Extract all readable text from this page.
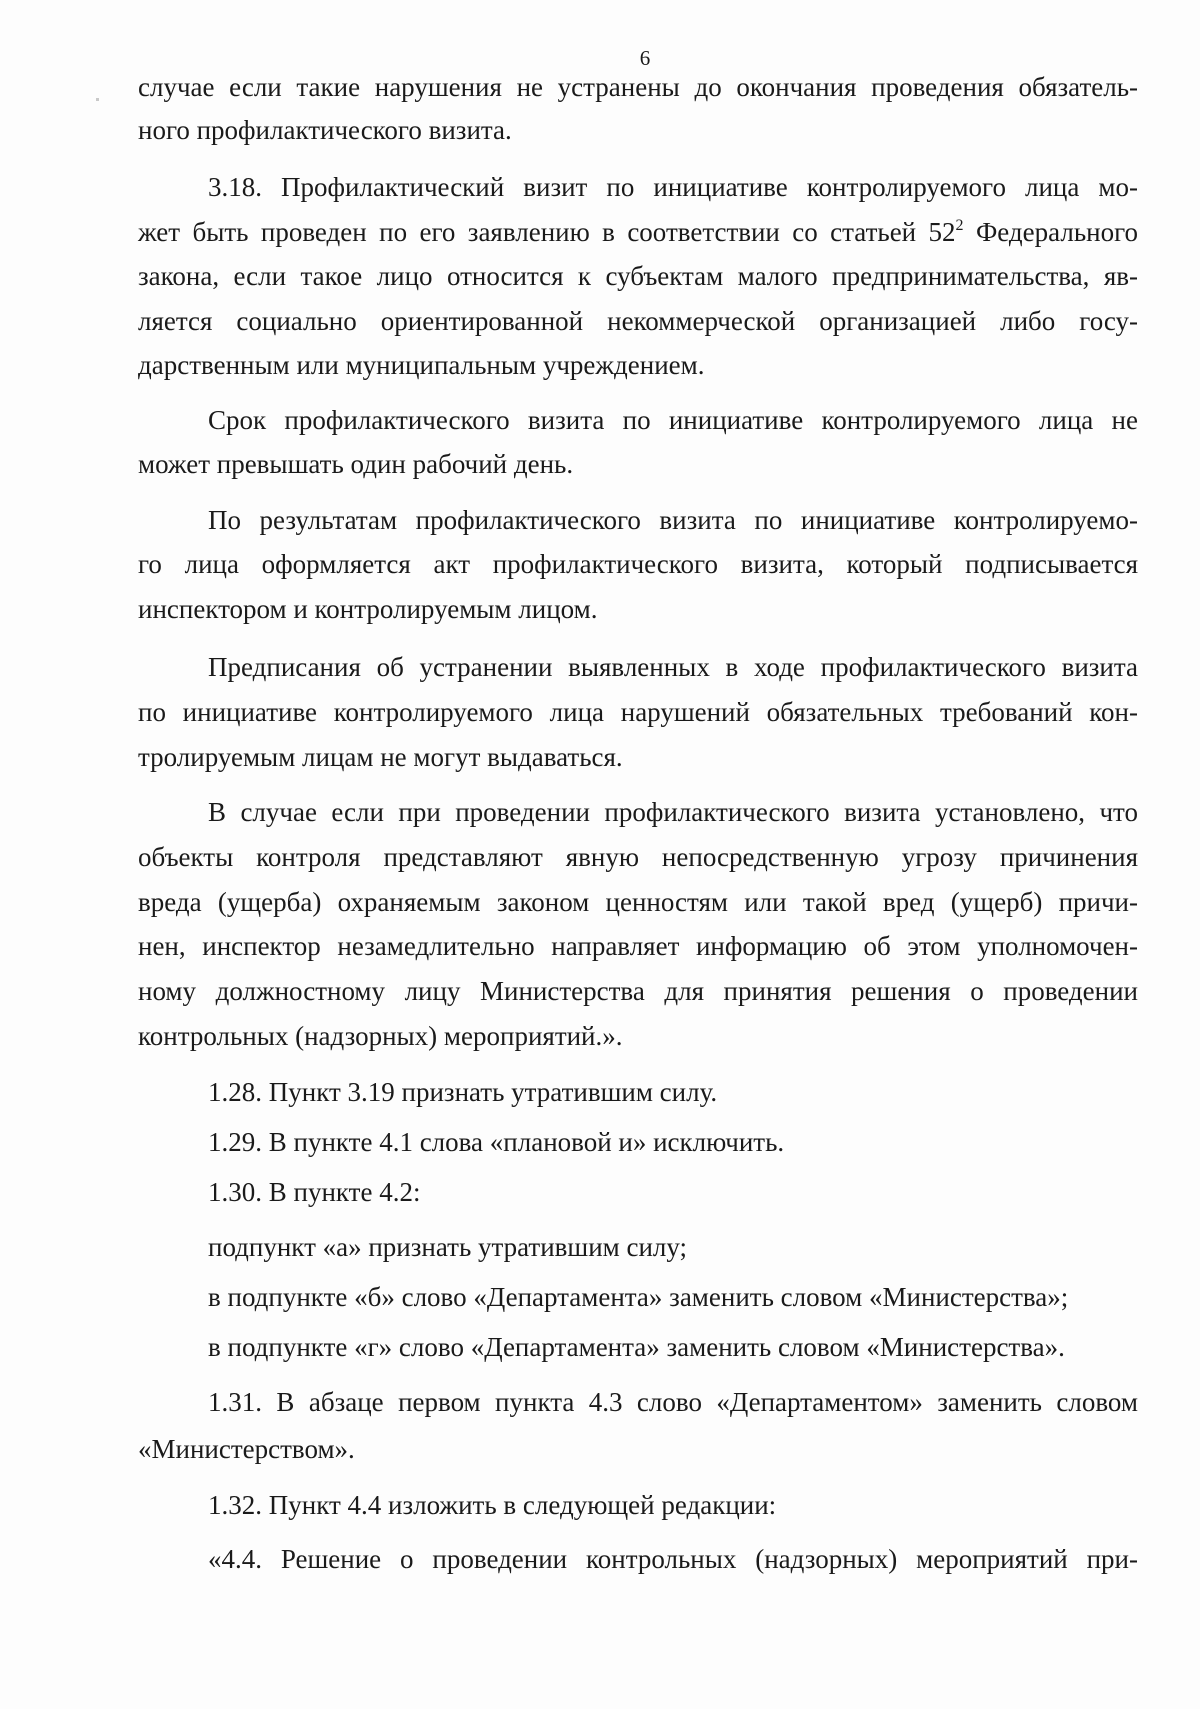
6
случае если такие нарушения не устранены до окончания проведения обязатель-
ного профилактического визита.
3.18. Профилактический визит по инициативе контролируемого лица мо-
жет быть проведен по его заявлению в соответствии со статьей $52^2$ Федерального
закона, если такое лицо относится к субъектам малого предпринимательства, яв-
ляется социально ориентированной некоммерческой организацией либо госу-
дарственным или муниципальным учреждением.
Срок профилактического визита по инициативе контролируемого лица не
может превышать один рабочий день.
По результатам профилактического визита по инициативе контролируемо-
го лица оформляется акт профилактического визита, который подписывается
инспектором и контролируемым лицом.
Предписания об устранении выявленных в ходе профилактического визита
по инициативе контролируемого лица нарушений обязательных требований кон-
тролируемым лицам не могут выдаваться.
В случае если при проведении профилактического визита установлено, что
объекты контроля представляют явную непосредственную угрозу причинения
вреда (ущерба) охраняемым законом ценностям или такой вред (ущерб) причи-
нен, инспектор незамедлительно направляет информацию об этом уполномочен-
ному должностному лицу Министерства для принятия решения о проведении
контрольных (надзорных) мероприятий.».
1.28. Пункт 3.19 признать утратившим силу.
1.29. В пункте 4.1 слова «плановой и» исключить.
1.30. В пункте 4.2:
подпункт «а» признать утратившим силу;
в подпункте «б» слово «Департамента» заменить словом «Министерства»;
в подпункте «г» слово «Департамента» заменить словом «Министерства».
1.31. В абзаце первом пункта 4.3 слово «Департаментом» заменить словом
«Министерством».
1.32. Пункт 4.4 изложить в следующей редакции:
«4.4. Решение о проведении контрольных (надзорных) мероприятий при-
